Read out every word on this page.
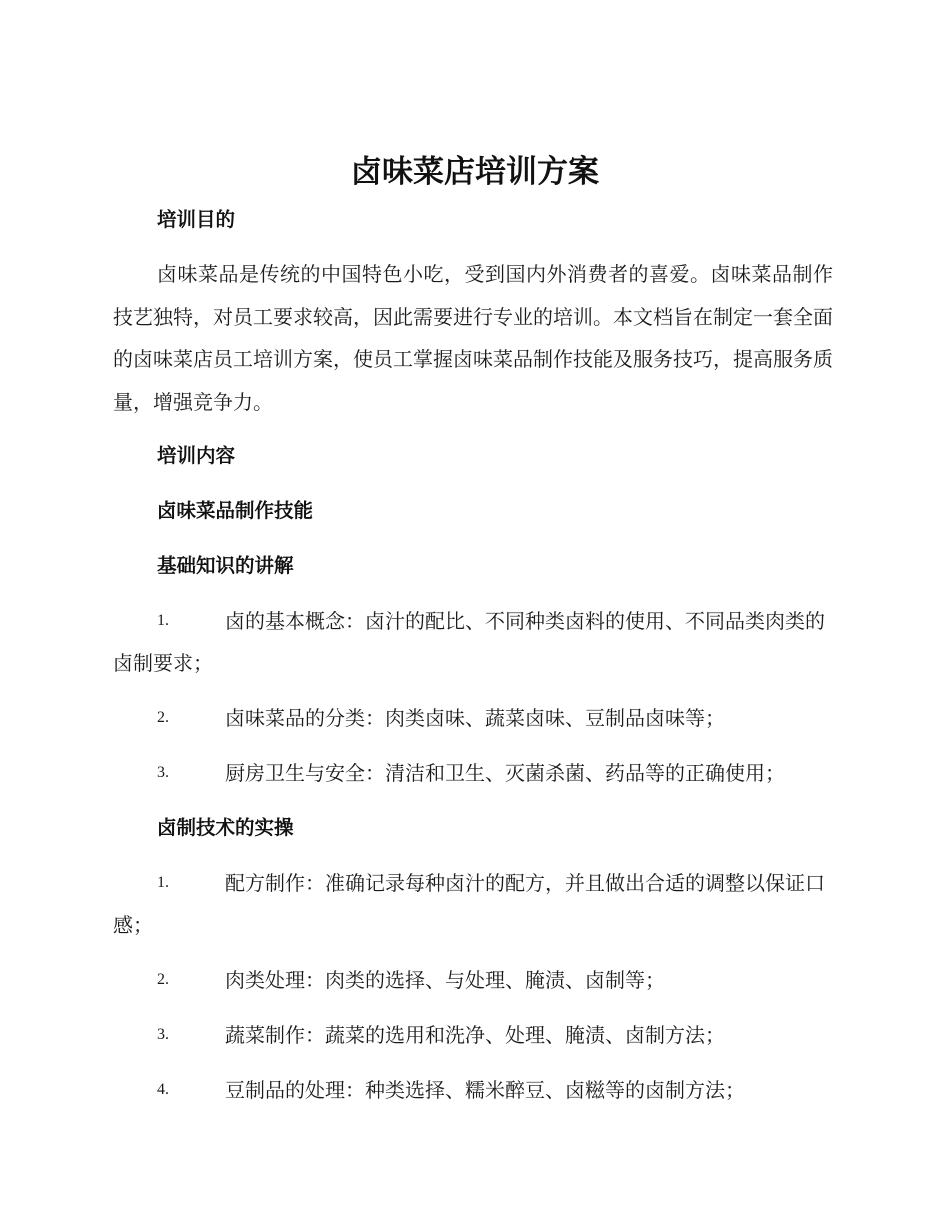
卤味菜店培训方案
培训目的
卤味菜品是传统的中国特色小吃，受到国内外消费者的喜爱。卤味菜品制作技艺独特，对员工要求较高，因此需要进行专业的培训。本文档旨在制定一套全面的卤味菜店员工培训方案，使员工掌握卤味菜品制作技能及服务技巧，提高服务质量，增强竞争力。
培训内容
卤味菜品制作技能
基础知识的讲解
1.	卤的基本概念：卤汁的配比、不同种类卤料的使用、不同品类肉类的卤制要求；
2.	卤味菜品的分类：肉类卤味、蔬菜卤味、豆制品卤味等；
3.	厨房卫生与安全：清洁和卫生、灭菌杀菌、药品等的正确使用；
卤制技术的实操
1.	配方制作：准确记录每种卤汁的配方，并且做出合适的调整以保证口感；
2.	肉类处理：肉类的选择、与处理、腌渍、卤制等；
3.	蔬菜制作：蔬菜的选用和洗净、处理、腌渍、卤制方法；
4.	豆制品的处理：种类选择、糯米醉豆、卤糍等的卤制方法；
